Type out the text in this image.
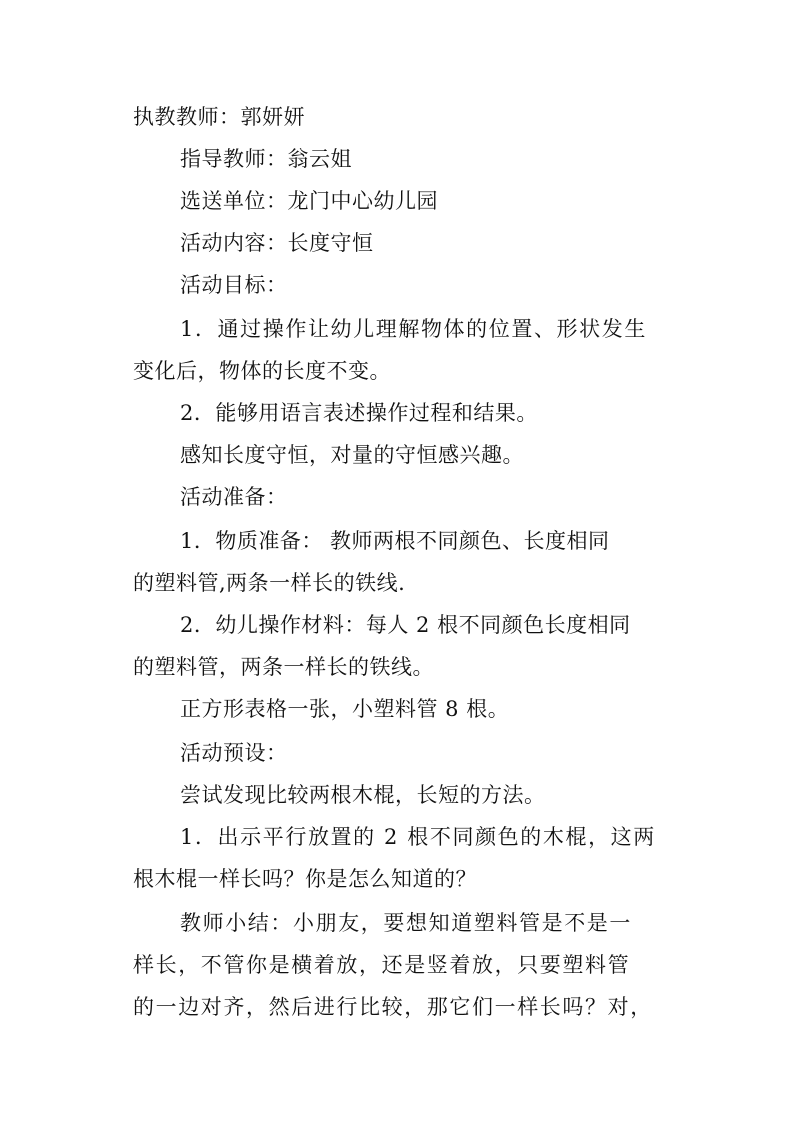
执教教师：郭妍妍
指导教师：翁云姐
选送单位：龙门中心幼儿园
活动内容：长度守恒
活动目标：
1．通过操作让幼儿理解物体的位置、形状发生
变化后，物体的长度不变。
2．能够用语言表述操作过程和结果。
感知长度守恒，对量的守恒感兴趣。
活动准备：
1．物质准备： 教师两根不同颜色、长度相同
的塑料管,两条一样长的铁线.
2．幼儿操作材料：每人 2 根不同颜色长度相同
的塑料管，两条一样长的铁线。
正方形表格一张，小塑料管 8 根。
活动预设：
尝试发现比较两根木棍，长短的方法。
1．出示平行放置的 2 根不同颜色的木棍，这两
根木棍一样长吗？你是怎么知道的？
教师小结：小朋友，要想知道塑料管是不是一
样长，不管你是横着放，还是竖着放，只要塑料管
的一边对齐，然后进行比较，那它们一样长吗？对，
